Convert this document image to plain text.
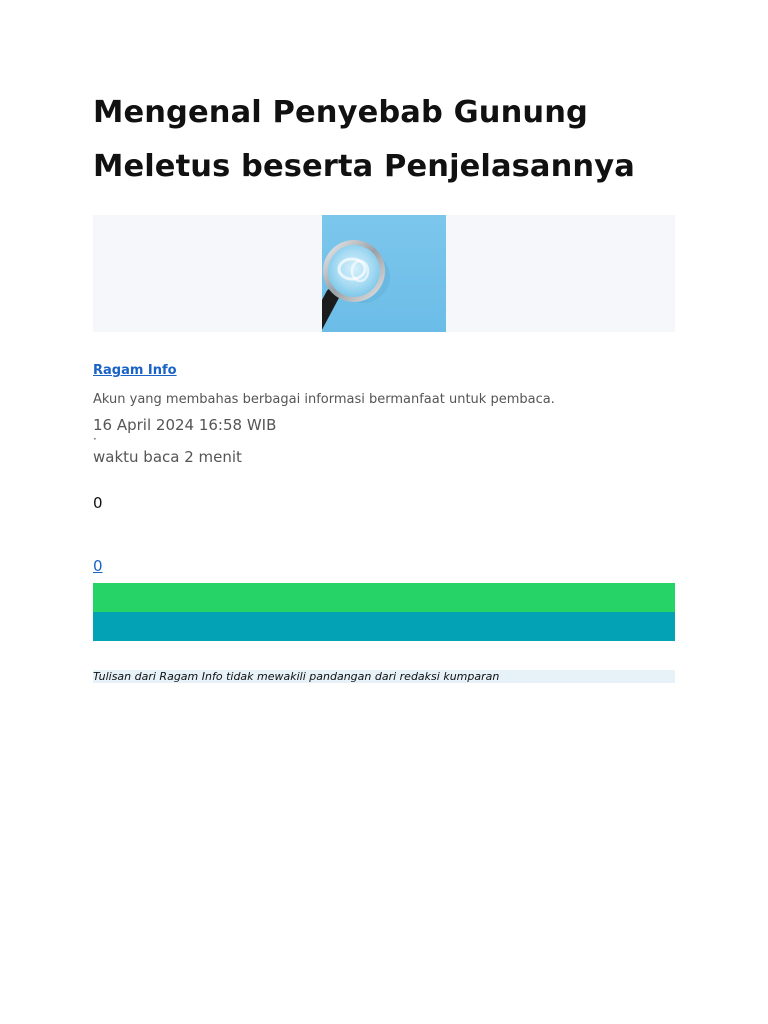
Mengenal Penyebab Gunung Meletus beserta Penjelasannya
Ragam Info
Akun yang membahas berbagai informasi bermanfaat untuk pembaca.
16 April 2024 16:58 WIB
·
waktu baca 2 menit
0
0
Tulisan dari Ragam Info tidak mewakili pandangan dari redaksi kumparan
